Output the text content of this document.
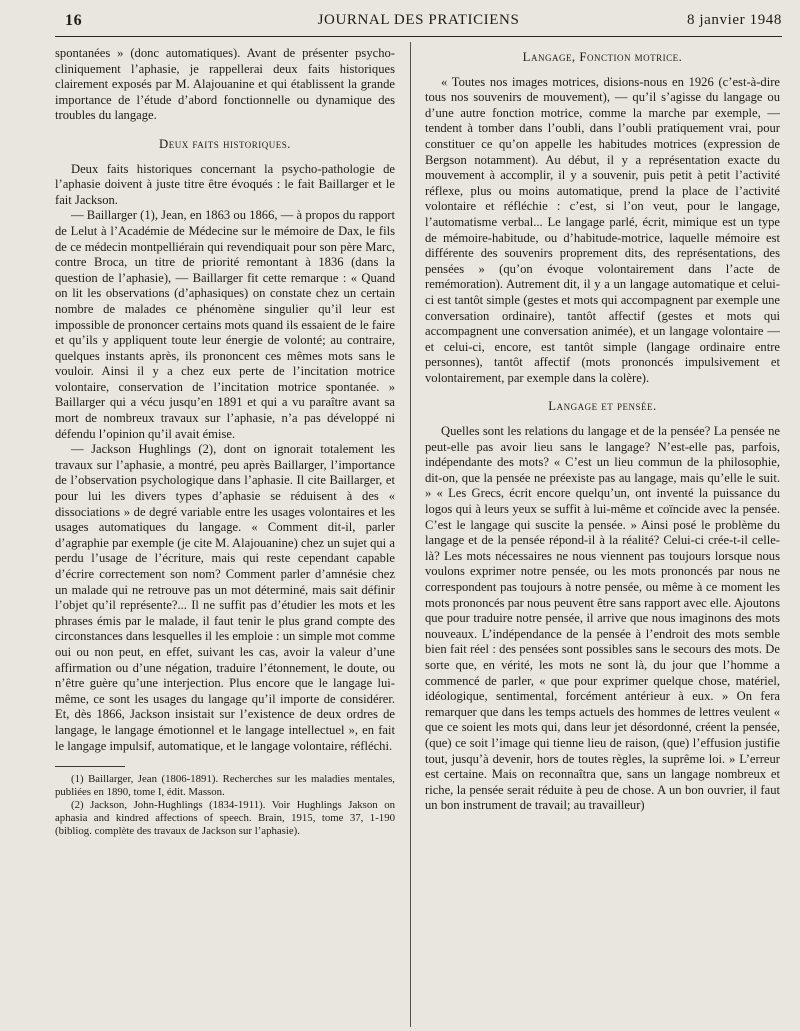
16	JOURNAL DES PRATICIENS	8 janvier 1948

spontanées » (donc automatiques). Avant de présenter psycho-cliniquement l’aphasie, je rappellerai deux faits historiques clairement exposés par M. Alajouanine et qui établissent la grande importance de l’étude d’abord fonctionnelle ou dynamique des troubles du langage.

Deux faits historiques.

Deux faits historiques concernant la psycho-pathologie de l’aphasie doivent à juste titre être évoqués : le fait Baillarger et le fait Jackson.

— Baillarger (1), Jean, en 1863 ou 1866, — à propos du rapport de Lelut à l’Académie de Médecine sur le mémoire de Dax, le fils de ce médecin montpelliérain qui revendiquait pour son père Marc, contre Broca, un titre de priorité remontant à 1836 (dans la question de l’aphasie), — Baillarger fit cette remarque : « Quand on lit les observations (d’aphasiques) on constate chez un certain nombre de malades ce phénomène singulier qu’il leur est impossible de prononcer certains mots quand ils essaient de le faire et qu’ils y appliquent toute leur énergie de volonté; au contraire, quelques instants après, ils prononcent ces mêmes mots sans le vouloir. Ainsi il y a chez eux perte de l’incitation motrice volontaire, conservation de l’incitation motrice spontanée. » Baillarger qui a vécu jusqu’en 1891 et qui a vu paraître avant sa mort de nombreux travaux sur l’aphasie, n’a pas développé ni défendu l’opinion qu’il avait émise.

— Jackson Hughlings (2), dont on ignorait totalement les travaux sur l’aphasie, a montré, peu après Baillarger, l’importance de l’observation psychologique dans l’aphasie. Il cite Baillarger, et pour lui les divers types d’aphasie se réduisent à des « dissociations » de degré variable entre les usages volontaires et les usages automatiques du langage. « Comment dit-il, parler d’agraphie par exemple (je cite M. Alajouanine) chez un sujet qui a perdu l’usage de l’écriture, mais qui reste cependant capable d’écrire correctement son nom? Comment parler d’amnésie chez un malade qui ne retrouve pas un mot déterminé, mais sait définir l’objet qu’il représente?... Il ne suffit pas d’étudier les mots et les phrases émis par le malade, il faut tenir le plus grand compte des circonstances dans lesquelles il les emploie : un simple mot comme oui ou non peut, en effet, suivant les cas, avoir la valeur d’une affirmation ou d’une négation, traduire l’étonnement, le doute, ou n’être guère qu’une interjection. Plus encore que le langage lui-même, ce sont les usages du langage qu’il importe de considérer. Et, dès 1866, Jackson insistait sur l’existence de deux ordres de langage, le langage émotionnel et le langage intellectuel », en fait le langage impulsif, automatique, et le langage volontaire, réfléchi.

(1) Baillarger, Jean (1806-1891). Recherches sur les maladies mentales, publiées en 1890, tome I, édit. Masson.

(2) Jackson, John-Hughlings (1834-1911). Voir Hughlings Jakson on aphasia and kindred affections of speech. Brain, 1915, tome 37, 1-190 (bibliog. complète des travaux de Jackson sur l’aphasie).

Langage, Fonction motrice.

« Toutes nos images motrices, disions-nous en 1926 (c’est-à-dire tous nos souvenirs de mouvement), — qu’il s’agisse du langage ou d’une autre fonction motrice, comme la marche par exemple, — tendent à tomber dans l’oubli, dans l’oubli pratiquement vrai, pour constituer ce qu’on appelle les habitudes motrices (expression de Bergson notamment). Au début, il y a représentation exacte du mouvement à accomplir, il y a souvenir, puis petit à petit l’activité réflexe, plus ou moins automatique, prend la place de l’activité volontaire et réfléchie : c’est, si l’on veut, pour le langage, l’automatisme verbal... Le langage parlé, écrit, mimique est un type de mémoire-habitude, ou d’habitude-motrice, laquelle mémoire est différente des souvenirs proprement dits, des représentations, des pensées » (qu’on évoque volontairement dans l’acte de remémoration). Autrement dit, il y a un langage automatique et celui-ci est tantôt simple (gestes et mots qui accompagnent par exemple une conversation ordinaire), tantôt affectif (gestes et mots qui accompagnent une conversation animée), et un langage volontaire — et celui-ci, encore, est tantôt simple (langage ordinaire entre personnes), tantôt affectif (mots prononcés impulsivement et volontairement, par exemple dans la colère).

Langage et pensée.

Quelles sont les relations du langage et de la pensée? La pensée ne peut-elle pas avoir lieu sans le langage? N’est-elle pas, parfois, indépendante des mots? « C’est un lieu commun de la philosophie, dit-on, que la pensée ne préexiste pas au langage, mais qu’elle le suit. » « Les Grecs, écrit encore quelqu’un, ont inventé la puissance du logos qui à leurs yeux se suffit à lui-même et coïncide avec la pensée. C’est le langage qui suscite la pensée. » Ainsi posé le problème du langage et de la pensée répond-il à la réalité? Celui-ci crée-t-il celle-là? Les mots nécessaires ne nous viennent pas toujours lorsque nous voulons exprimer notre pensée, ou les mots prononcés par nous ne correspondent pas toujours à notre pensée, ou même à ce moment les mots prononcés par nous peuvent être sans rapport avec elle. Ajoutons que pour traduire notre pensée, il arrive que nous imaginons des mots nouveaux. L’indépendance de la pensée à l’endroit des mots semble bien fait réel : des pensées sont possibles sans le secours des mots. De sorte que, en vérité, les mots ne sont là, du jour que l’homme a commencé de parler, « que pour exprimer quelque chose, matériel, idéologique, sentimental, forcément antérieur à eux. » On fera remarquer que dans les temps actuels des hommes de lettres veulent « que ce soient les mots qui, dans leur jet désordonné, créent la pensée, (que) ce soit l’image qui tienne lieu de raison, (que) l’effusion justifie tout, jusqu’à devenir, hors de toutes règles, la suprême loi. » L’erreur est certaine. Mais on reconnaîtra que, sans un langage nombreux et riche, la pensée serait réduite à peu de chose. A un bon ouvrier, il faut un bon instrument de travail; au travailleur)
